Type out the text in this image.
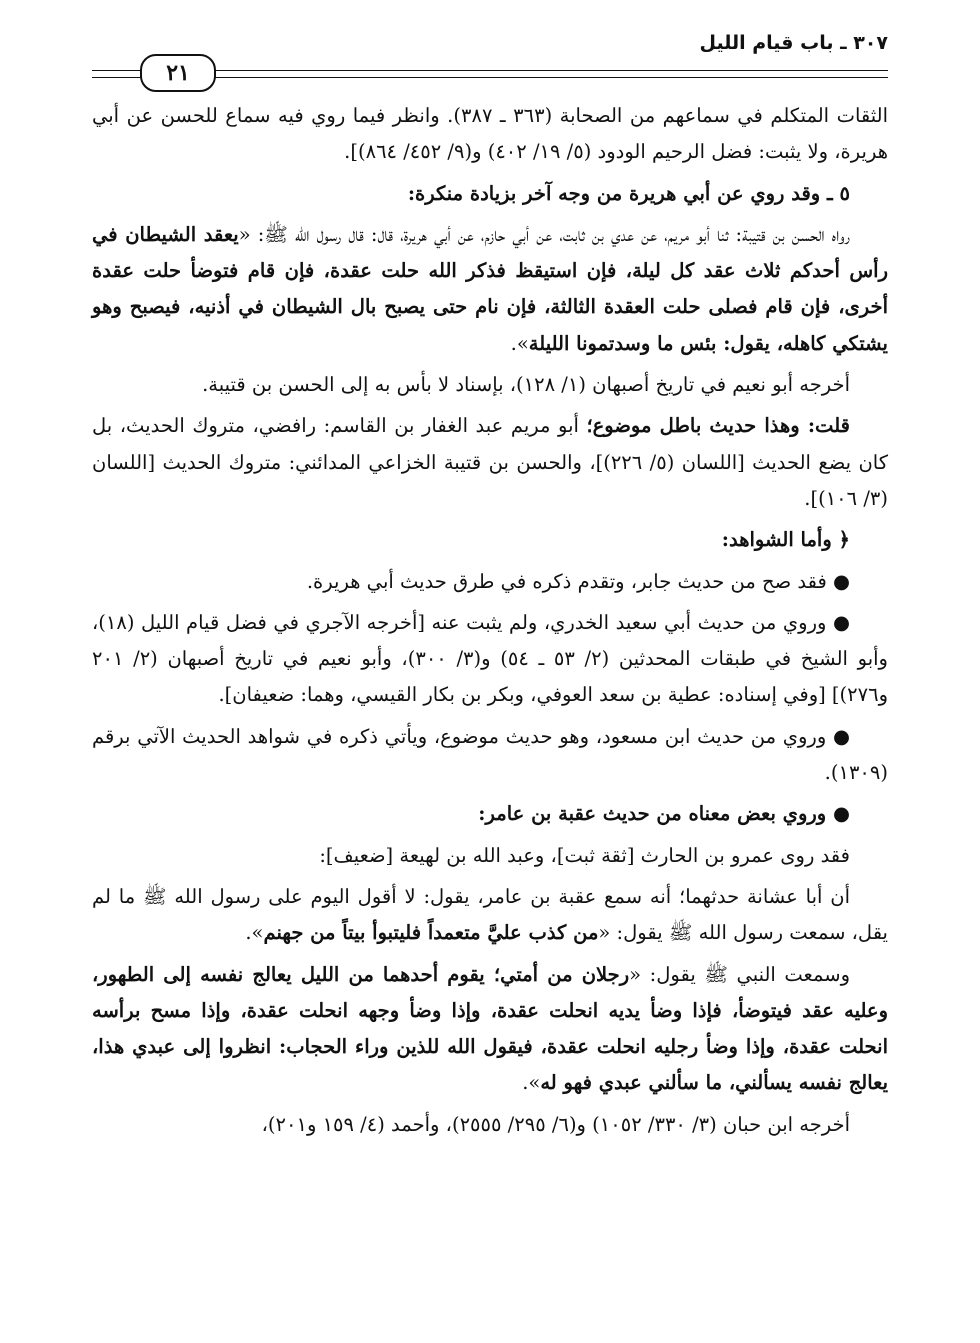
٣٠٧ ـ باب قيام الليل
٢١

الثقات المتكلم في سماعهم من الصحابة (٣٦٣ ـ ٣٨٧). وانظر فيما روي فيه سماع للحسن عن أبي هريرة، ولا يثبت: فضل الرحيم الودود (٥/ ١٩/ ٤٠٢) و(٩/ ٤٥٢/ ٨٦٤)].

٥ ـ وقد روي عن أبي هريرة من وجه آخر بزيادة منكرة:

رواه الحسن بن قتيبة: ثنا أبو مريم، عن عدي بن ثابت، عن أبي حازم، عن أبي هريرة، قال: قال رسول الله ﷺ: «يعقد الشيطان في رأس أحدكم ثلاث عقد كل ليلة، فإن استيقظ فذكر الله حلت عقدة، فإن قام فتوضأ حلت عقدة أخرى، فإن قام فصلى حلت العقدة الثالثة، فإن نام حتى يصبح بال الشيطان في أذنيه، فيصبح وهو يشتكي كاهله، يقول: بئس ما وسدتمونا الليلة».

أخرجه أبو نعيم في تاريخ أصبهان (١/ ١٢٨)، بإسناد لا بأس به إلى الحسن بن قتيبة.

قلت: وهذا حديث باطل موضوع؛ أبو مريم عبد الغفار بن القاسم: رافضي، متروك الحديث، بل كان يضع الحديث [اللسان (٥/ ٢٢٦)]، والحسن بن قتيبة الخزاعي المدائني: متروك الحديث [اللسان (٣/ ١٠٦)].

﴿ وأما الشواهد:

● فقد صح من حديث جابر، وتقدم ذكره في طرق حديث أبي هريرة.

● وروي من حديث أبي سعيد الخدري، ولم يثبت عنه [أخرجه الآجري في فضل قيام الليل (١٨)، وأبو الشيخ في طبقات المحدثين (٢/ ٥٣ ـ ٥٤) و(٣/ ٣٠٠)، وأبو نعيم في تاريخ أصبهان (٢/ ٢٠١ و٢٧٦)] [وفي إسناده: عطية بن سعد العوفي، وبكر بن بكار القيسي، وهما: ضعيفان].

● وروي من حديث ابن مسعود، وهو حديث موضوع، ويأتي ذكره في شواهد الحديث الآتي برقم (١٣٠٩).

● وروي بعض معناه من حديث عقبة بن عامر:

فقد روى عمرو بن الحارث [ثقة ثبت]، وعبد الله بن لهيعة [ضعيف]:

أن أبا عشانة حدثهما؛ أنه سمع عقبة بن عامر، يقول: لا أقول اليوم على رسول الله ﷺ ما لم يقل، سمعت رسول الله ﷺ يقول: «من كذب عليَّ متعمداً فليتبوأ بيتاً من جهنم».

وسمعت النبي ﷺ يقول: «رجلان من أمتي؛ يقوم أحدهما من الليل يعالج نفسه إلى الطهور، وعليه عقد فيتوضأ، فإذا وضأ يديه انحلت عقدة، وإذا وضأ وجهه انحلت عقدة، وإذا مسح برأسه انحلت عقدة، وإذا وضأ رجليه انحلت عقدة، فيقول الله للذين وراء الحجاب: انظروا إلى عبدي هذا، يعالج نفسه يسألني، ما سألني عبدي فهو له».

أخرجه ابن حبان (٣/ ٣٣٠/ ١٠٥٢) و(٦/ ٢٩٥/ ٢٥٥٥)، وأحمد (٤/ ١٥٩ و٢٠١)،
